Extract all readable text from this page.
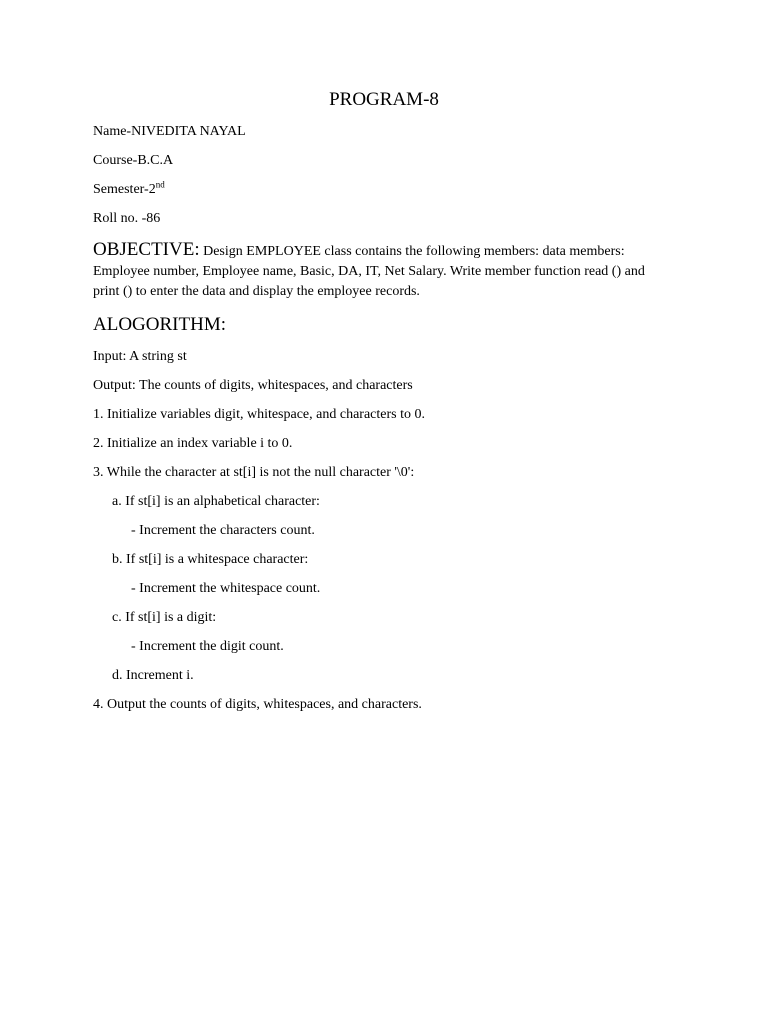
PROGRAM-8
Name-NIVEDITA NAYAL
Course-B.C.A
Semester-2nd
Roll no. -86
OBJECTIVE: Design EMPLOYEE class contains the following members: data members: Employee number, Employee name, Basic, DA, IT, Net Salary. Write member function read () and print () to enter the data and display the employee records.
ALOGORITHM:
Input: A string st
Output: The counts of digits, whitespaces, and characters
1. Initialize variables digit, whitespace, and characters to 0.
2. Initialize an index variable i to 0.
3. While the character at st[i] is not the null character '\0':
a. If st[i] is an alphabetical character:
- Increment the characters count.
b. If st[i] is a whitespace character:
- Increment the whitespace count.
c. If st[i] is a digit:
- Increment the digit count.
d. Increment i.
4. Output the counts of digits, whitespaces, and characters.
